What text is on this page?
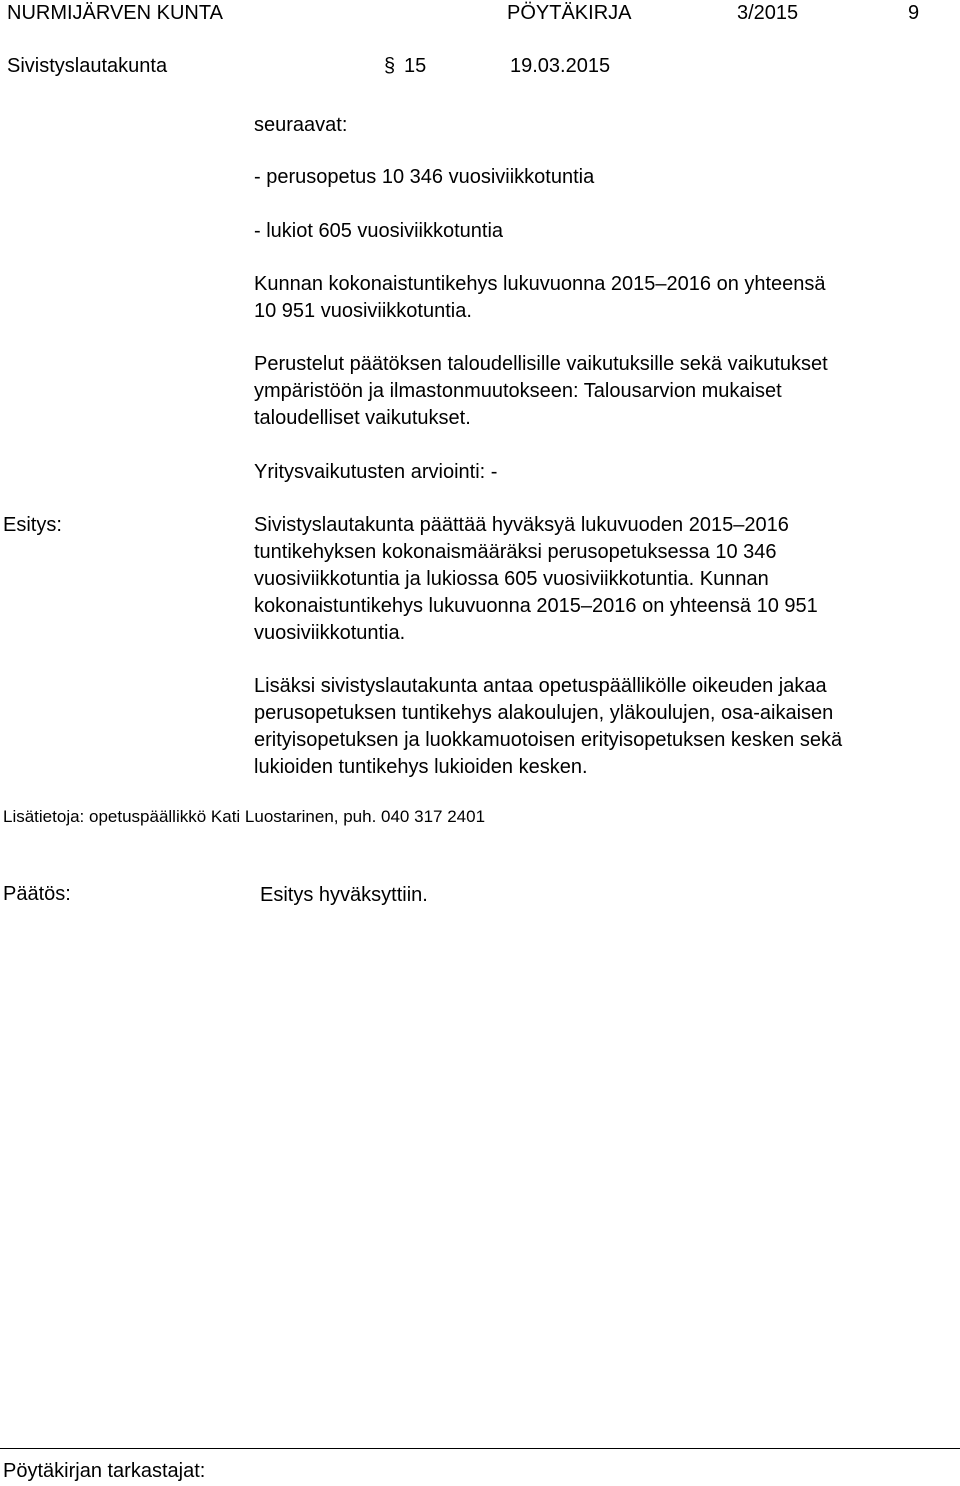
NURMIJÄRVEN KUNTA	PÖYTÄKIRJA	3/2015	9
Sivistyslautakunta	§ 15	19.03.2015
seuraavat:
- perusopetus 10 346 vuosiviikkotuntia
- lukiot 605 vuosiviikkotuntia

Kunnan kokonaistuntikehys lukuvuonna 2015–2016 on yhteensä

10 951 vuosiviikkotuntia.

Perustelut päätöksen taloudellisille vaikutuksille sekä vaikutukset

ympäristöön ja ilmastonmuutokseen: Talousarvion mukaiset

taloudelliset vaikutukset.

Yritysvaikutusten arviointi: -
Esitys:	Sivistyslautakunta päättää hyväksyä lukuvuoden 2015–2016

tuntikehyksen kokonaismääräksi perusopetuksessa 10 346

vuosiviikkotuntia ja lukiossa 605 vuosiviikkotuntia. Kunnan

kokonaistuntikehys lukuvuonna 2015–2016 on yhteensä 10 951

vuosiviikkotuntia.

Lisäksi sivistyslautakunta antaa opetuspäällikölle oikeuden jakaa

perusopetuksen tuntikehys alakoulujen, yläkoulujen, osa-aikaisen

erityisopetuksen ja luokkamuotoisen erityisopetuksen kesken sekä

lukioiden tuntikehys lukioiden kesken.

Lisätietoja: opetuspäällikkö Kati Luostarinen, puh. 040 317 2401
Päätös:	Esitys hyväksyttiin.
Pöytäkirjan tarkastajat:
